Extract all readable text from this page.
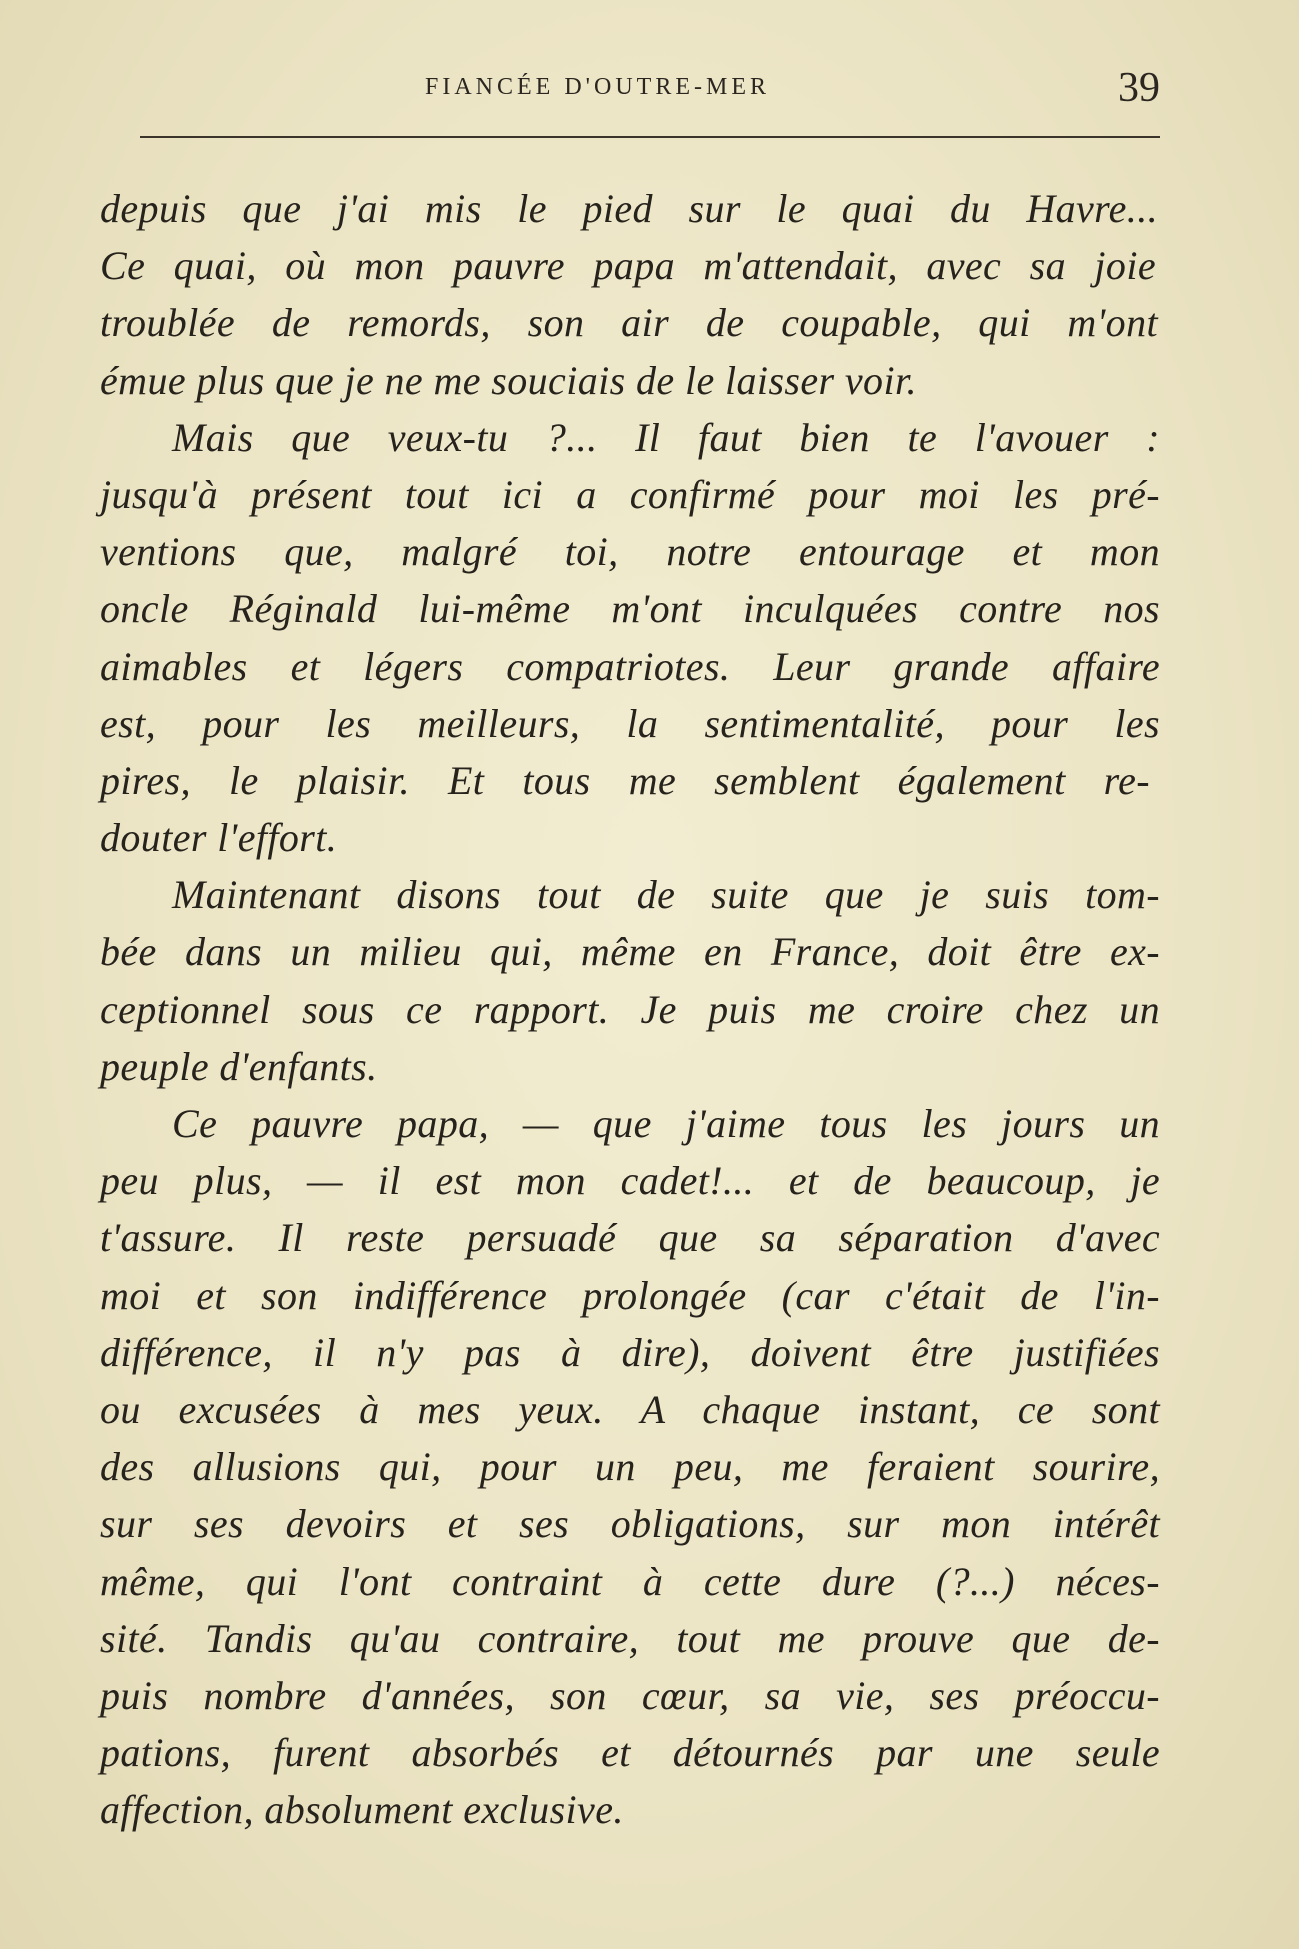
FIANCÉE D'OUTRE-MER	39
depuis que j'ai mis le pied sur le quai du Havre...
Ce quai, où mon pauvre papa m'attendait, avec sa joie
troublée de remords, son air de coupable, qui m'ont
émue plus que je ne me souciais de le laisser voir.
Mais que veux-tu ?... Il faut bien te l'avouer :
jusqu'à présent tout ici a confirmé pour moi les pré-
ventions que, malgré toi, notre entourage et mon
oncle Réginald lui-même m'ont inculquées contre nos
aimables et légers compatriotes. Leur grande affaire
est, pour les meilleurs, la sentimentalité, pour les
pires, le plaisir. Et tous me semblent également re-
douter l'effort.
Maintenant disons tout de suite que je suis tom-
bée dans un milieu qui, même en France, doit être ex-
ceptionnel sous ce rapport. Je puis me croire chez un
peuple d'enfants.
Ce pauvre papa, — que j'aime tous les jours un
peu plus, — il est mon cadet!... et de beaucoup, je
t'assure. Il reste persuadé que sa séparation d'avec
moi et son indifférence prolongée (car c'était de l'in-
différence, il n'y pas à dire), doivent être justifiées
ou excusées à mes yeux. A chaque instant, ce sont
des allusions qui, pour un peu, me feraient sourire,
sur ses devoirs et ses obligations, sur mon intérêt
même, qui l'ont contraint à cette dure (?...) néces-
sité. Tandis qu'au contraire, tout me prouve que de-
puis nombre d'années, son cœur, sa vie, ses préoccu-
pations, furent absorbés et détournés par une seule
affection, absolument exclusive.
